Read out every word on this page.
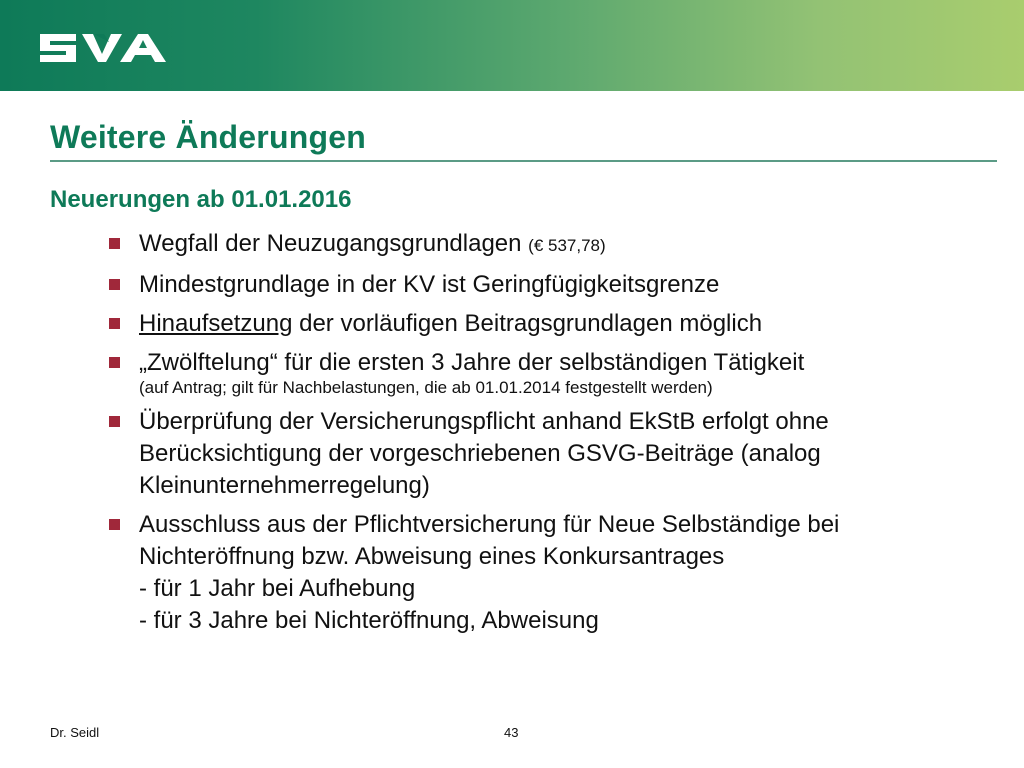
Weitere Änderungen
Neuerungen ab 01.01.2016
Wegfall der Neuzugangsgrundlagen (€ 537,78)
Mindestgrundlage in der KV ist Geringfügigkeitsgrenze
Hinaufsetzung der vorläufigen Beitragsgrundlagen möglich
„Zwölftelung“ für die ersten 3 Jahre der selbständigen Tätigkeit
(auf Antrag; gilt für Nachbelastungen, die ab 01.01.2014 festgestellt werden)
Überprüfung der Versicherungspflicht anhand EkStB erfolgt ohne
Berücksichtigung der vorgeschriebenen GSVG-Beiträge (analog
Kleinunternehmerregelung)
Ausschluss aus der Pflichtversicherung für Neue Selbständige bei
Nichteröffnung bzw. Abweisung eines Konkursantrages
- für 1 Jahr bei Aufhebung
- für 3 Jahre bei Nichteröffnung, Abweisung
Dr. Seidl	43
